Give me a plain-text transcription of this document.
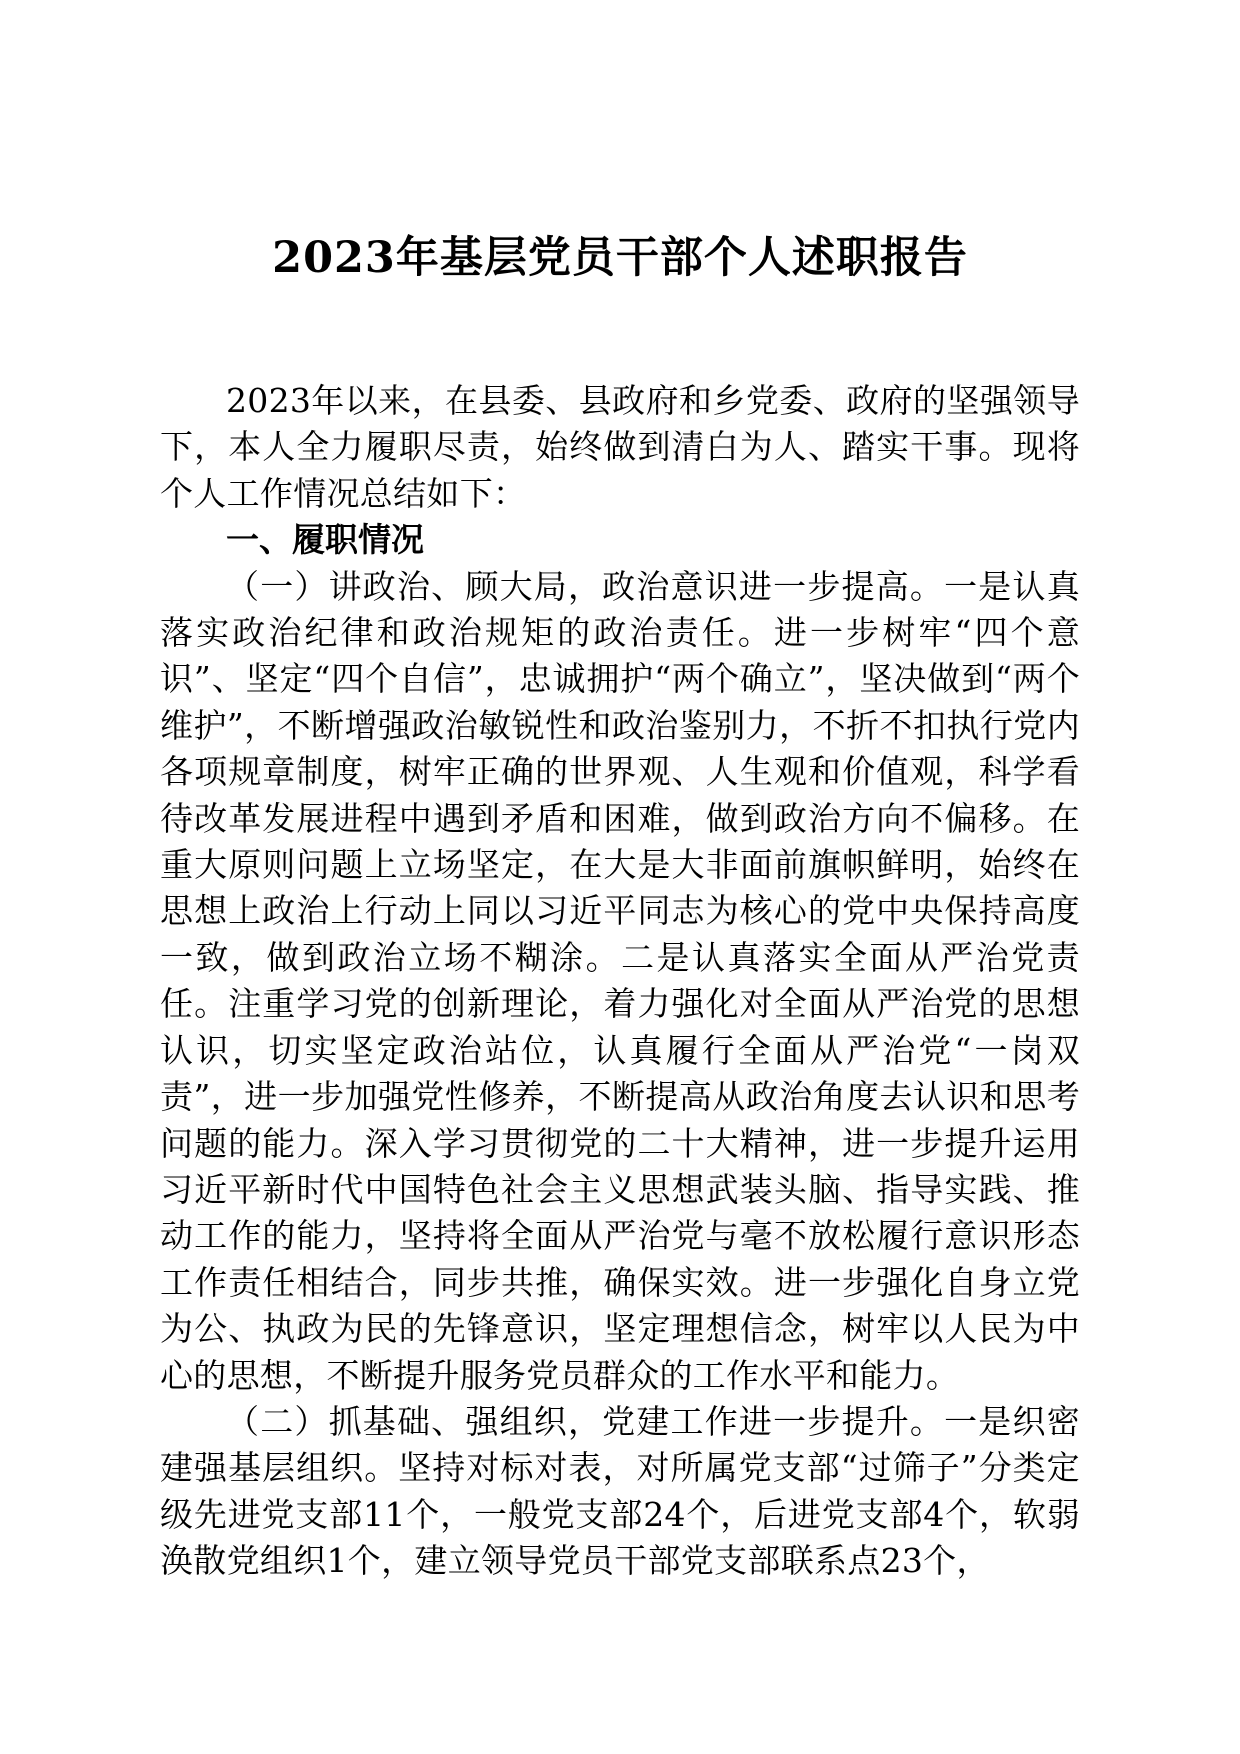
2023年基层党员干部个人述职报告

2023年以来，在县委、县政府和乡党委、政府的坚强领导下，本人全力履职尽责，始终做到清白为人、踏实干事。现将个人工作情况总结如下：

一、履职情况

（一）讲政治、顾大局，政治意识进一步提高。一是认真落实政治纪律和政治规矩的政治责任。进一步树牢“四个意识”、坚定“四个自信”，忠诚拥护“两个确立”，坚决做到“两个维护”，不断增强政治敏锐性和政治鉴别力，不折不扣执行党内各项规章制度，树牢正确的世界观、人生观和价值观，科学看待改革发展进程中遇到矛盾和困难，做到政治方向不偏移。在重大原则问题上立场坚定，在大是大非面前旗帜鲜明，始终在思想上政治上行动上同以习近平同志为核心的党中央保持高度一致，做到政治立场不糊涂。二是认真落实全面从严治党责任。注重学习党的创新理论，着力强化对全面从严治党的思想认识，切实坚定政治站位，认真履行全面从严治党“一岗双责”，进一步加强党性修养，不断提高从政治角度去认识和思考问题的能力。深入学习贯彻党的二十大精神，进一步提升运用习近平新时代中国特色社会主义思想武装头脑、指导实践、推动工作的能力，坚持将全面从严治党与毫不放松履行意识形态工作责任相结合，同步共推，确保实效。进一步强化自身立党为公、执政为民的先锋意识，坚定理想信念，树牢以人民为中心的思想，不断提升服务党员群众的工作水平和能力。

（二）抓基础、强组织，党建工作进一步提升。一是织密建强基层组织。坚持对标对表，对所属党支部“过筛子”分类定级先进党支部11个，一般党支部24个，后进党支部4个，软弱涣散党组织1个，建立领导党员干部党支部联系点23个，
